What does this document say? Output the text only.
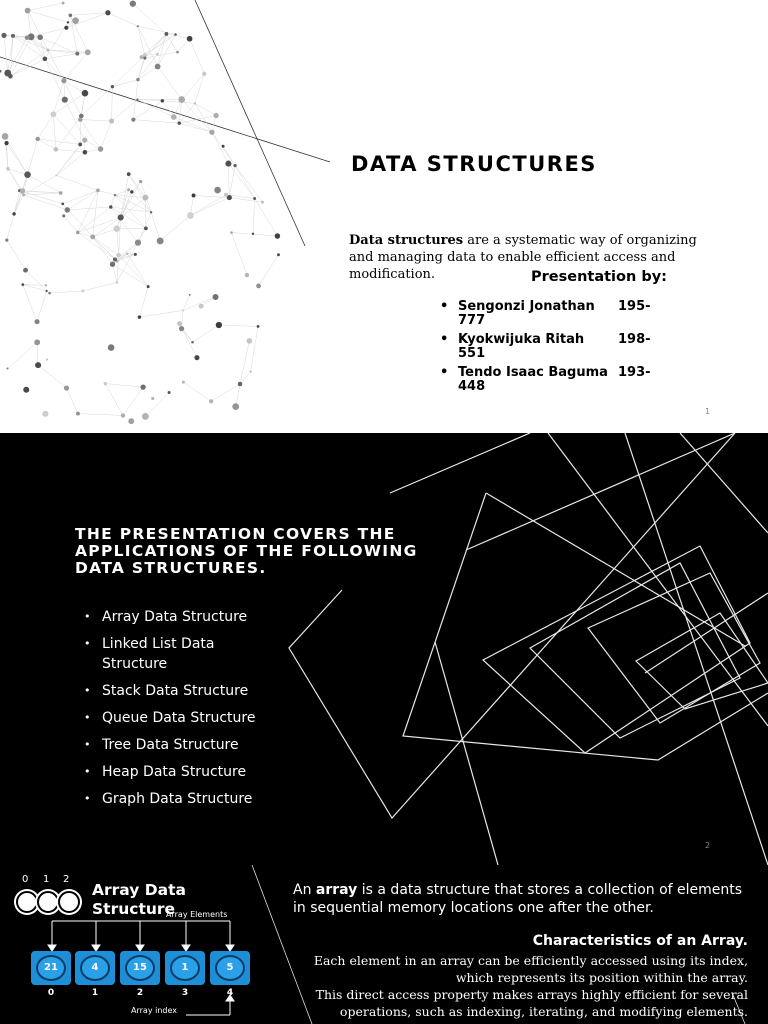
DATA STRUCTURES
Data structures are a systematic way of organizing and managing data to enable efficient access and modification.	Presentation by:
• Sengonzi Jonathan 195-777
• Kyokwijuka Ritah	198-551
• Tendo Isaac Baguma 193-448
1
THE PRESENTATION COVERS THE APPLICATIONS OF THE FOLLOWING DATA STRUCTURES.
• Array Data Structure
• Linked List Data Structure
• Stack Data Structure
• Queue Data Structure
• Tree Data Structure
• Heap Data Structure
• Graph Data Structure
2
0 1 2
Array Data Structure
Array Elements
21	4	15	1	5
0	1	2	3	4
Array index
An array is a data structure that stores a collection of elements in sequential memory locations one after the other.
Characteristics of an Array.

Each element in an array can be efficiently accessed using its index, which represents its position within the array.

This direct access property makes arrays highly efficient for several operations, such as indexing, iterating, and modifying elements.
